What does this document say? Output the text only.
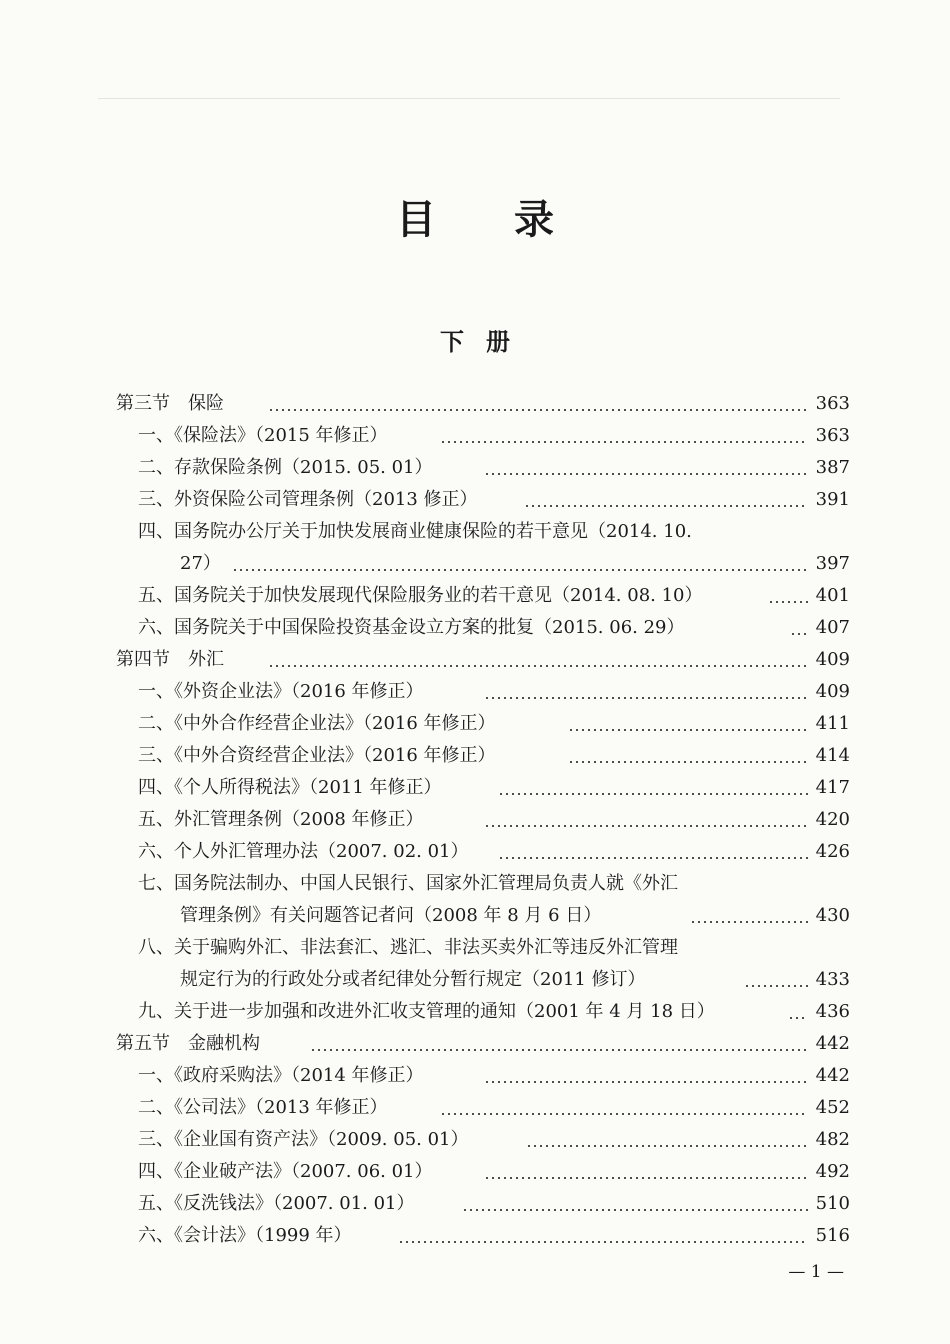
目 录
下 册
第三节　保险	363
一、《保险法》（2015 年修正）	363
二、存款保险条例（2015. 05. 01）	387
三、外资保险公司管理条例（2013 修正）	391
四、国务院办公厅关于加快发展商业健康保险的若干意见（2014. 10.
27）	397
五、国务院关于加快发展现代保险服务业的若干意见（2014. 08. 10）	401
六、国务院关于中国保险投资基金设立方案的批复（2015. 06. 29）	407
第四节　外汇	409
一、《外资企业法》（2016 年修正）	409
二、《中外合作经营企业法》（2016 年修正）	411
三、《中外合资经营企业法》（2016 年修正）	414
四、《个人所得税法》（2011 年修正）	417
五、外汇管理条例（2008 年修正）	420
六、个人外汇管理办法（2007. 02. 01）	426
七、国务院法制办、中国人民银行、国家外汇管理局负责人就《外汇
管理条例》有关问题答记者问（2008 年 8 月 6 日）	430
八、关于骗购外汇、非法套汇、逃汇、非法买卖外汇等违反外汇管理
规定行为的行政处分或者纪律处分暂行规定（2011 修订）	433
九、关于进一步加强和改进外汇收支管理的通知（2001 年 4 月 18 日）	436
第五节　金融机构	442
一、《政府采购法》（2014 年修正）	442
二、《公司法》（2013 年修正）	452
三、《企业国有资产法》（2009. 05. 01）	482
四、《企业破产法》（2007. 06. 01）	492
五、《反洗钱法》（2007. 01. 01）	510
六、《会计法》（1999 年）	516
— 1 —
